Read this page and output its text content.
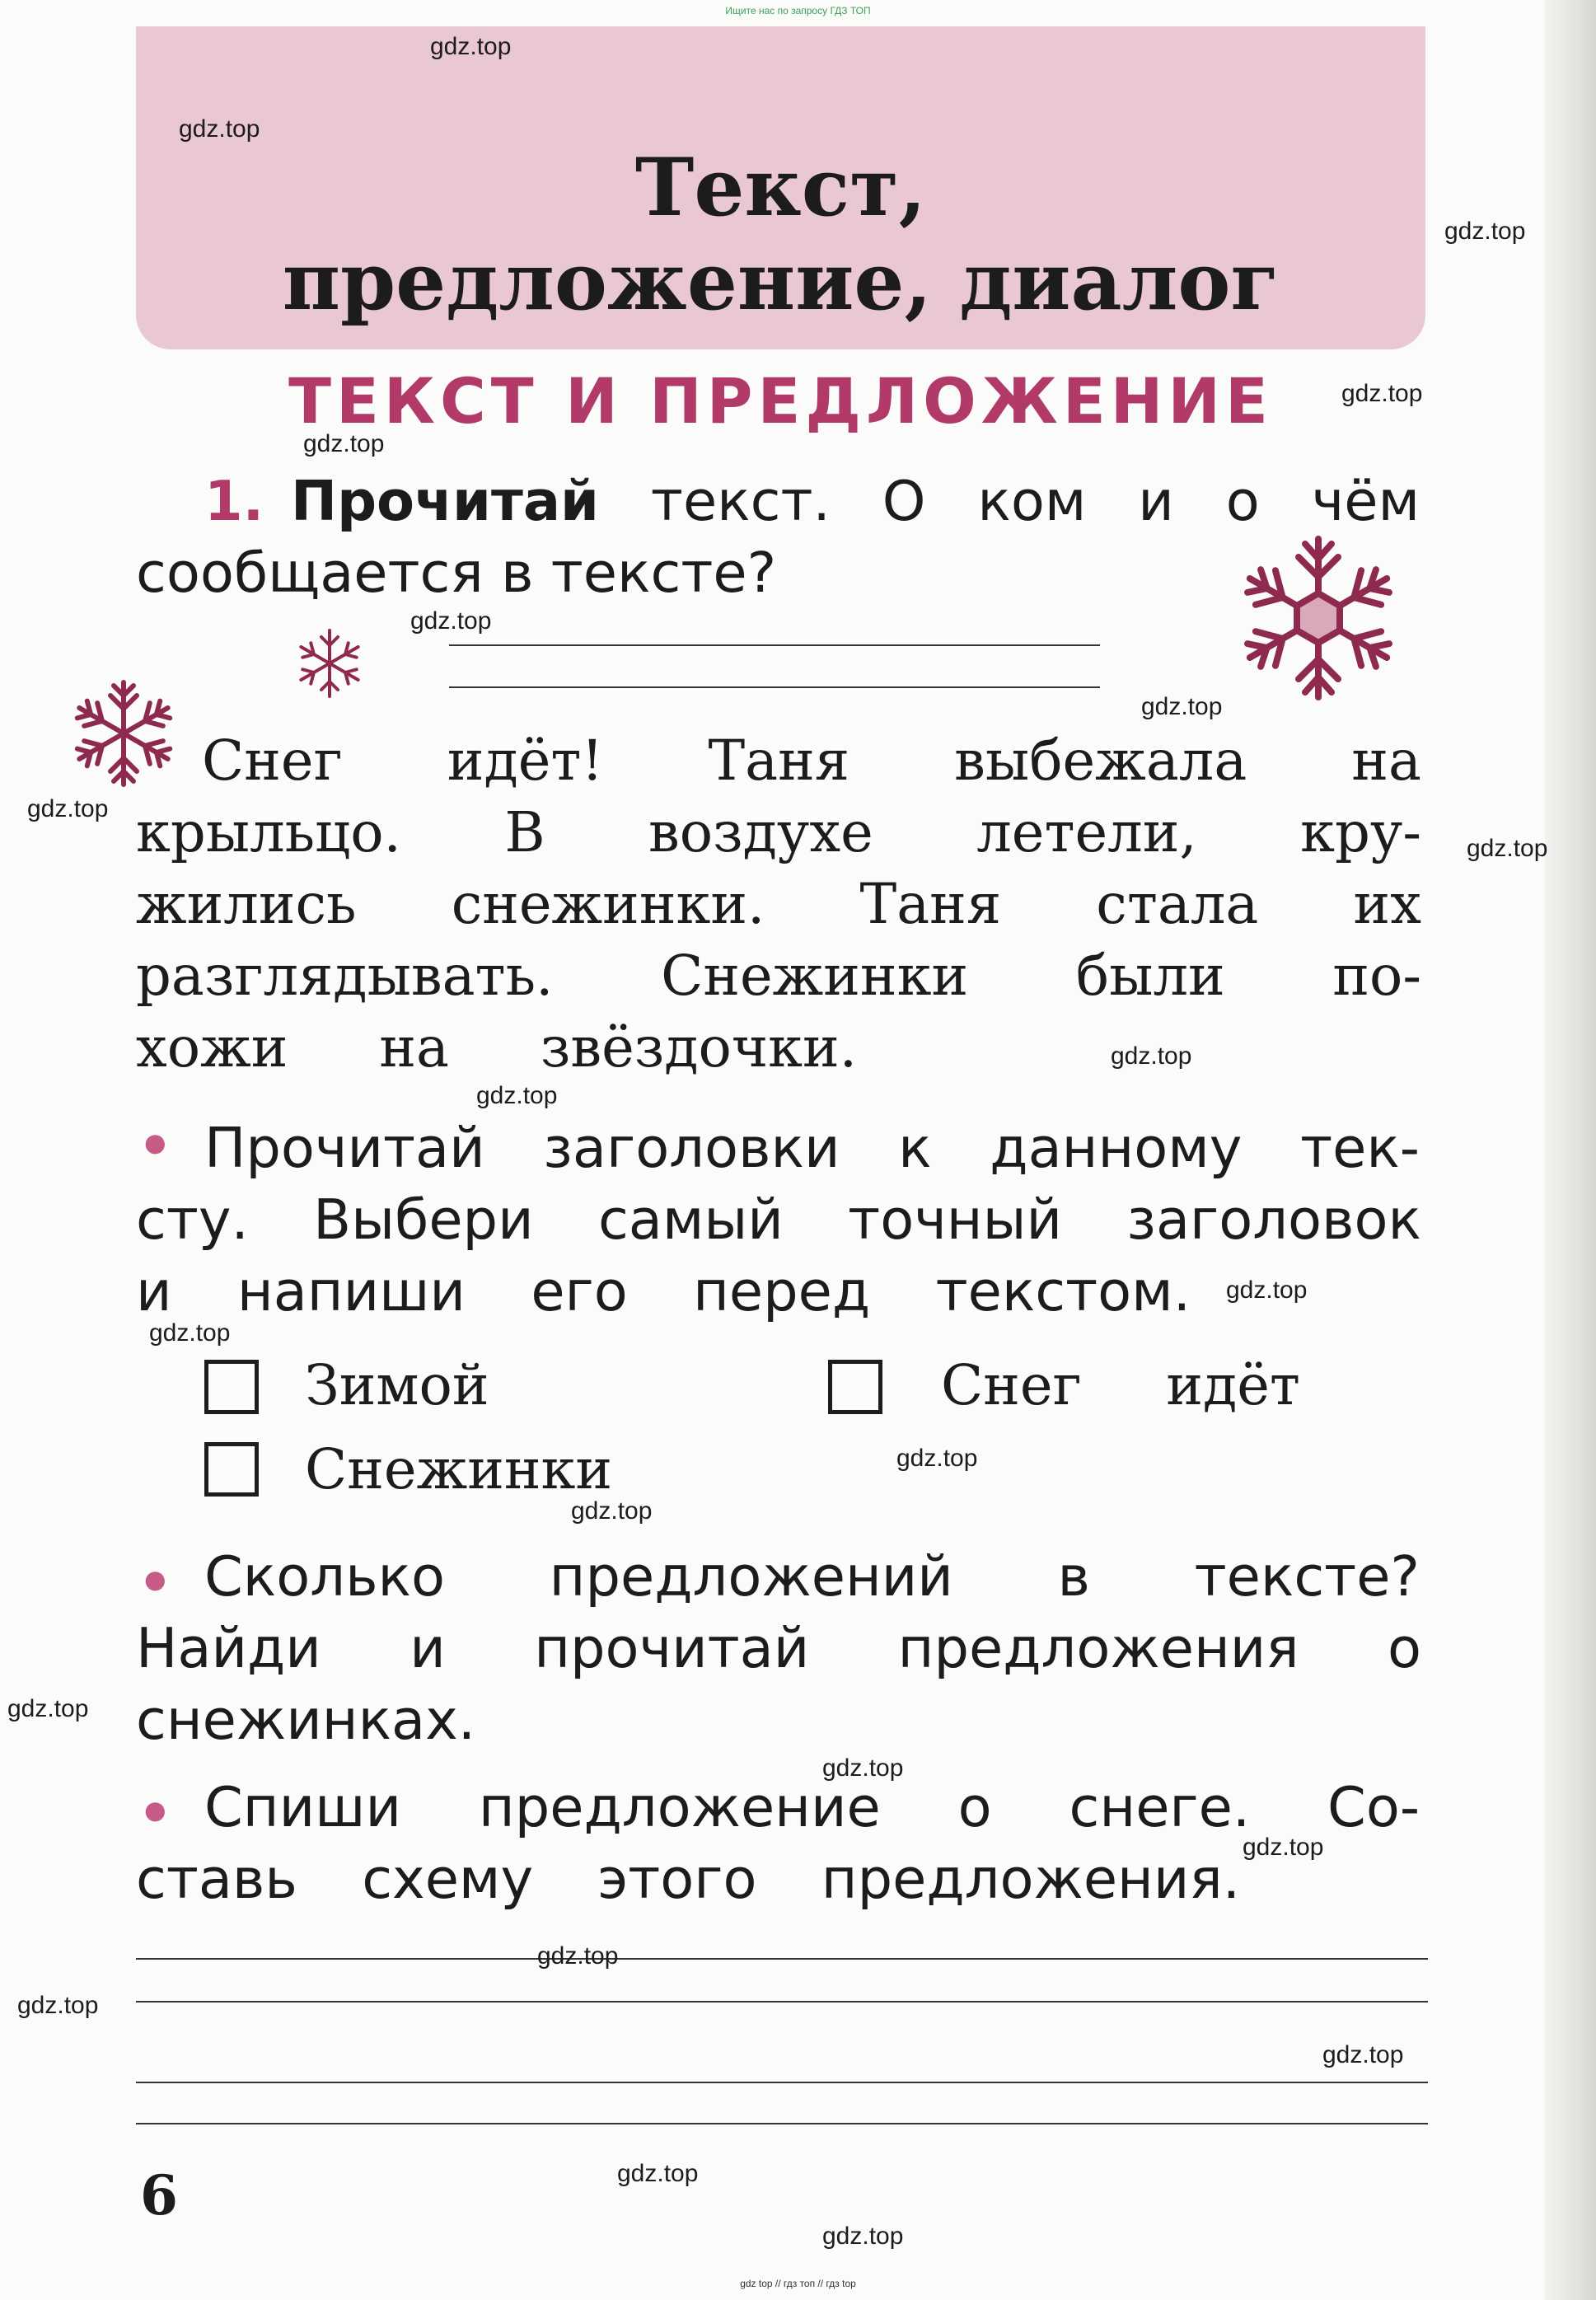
Ищите нас по запросу ГДЗ ТОП
Текст,
предложение, диалог
ТЕКСТ И ПРЕДЛОЖЕНИЕ
1. Прочитай текст. О ком и о чём
сообщается в тексте?
Снег идёт! Таня выбежала на
крыльцо. В воздухе летели, кру-
жились снежинки. Таня стала их
разглядывать. Снежинки были по-
хожи на звёздочки.
● Прочитай заголовки к данному тек-
сту. Выбери самый точный заголовок
и напиши его перед текстом.
Зимой	Снег идёт
Снежинки
● Сколько предложений в тексте?
Найди и прочитай предложения о
снежинках.
● Спиши предложение о снеге. Со-
ставь схему этого предложения.
6
gdz.top
gdz.top
gdz.top
gdz.top
gdz.top
gdz.top
gdz.top
gdz.top
gdz.top
gdz.top
gdz.top
gdz.top
gdz.top
gdz.top
gdz.top
gdz.top
gdz.top
gdz.top
gdz.top
gdz.top
gdz.top
gdz.top
gdz.top
gdz top // гдз топ // гдз top
